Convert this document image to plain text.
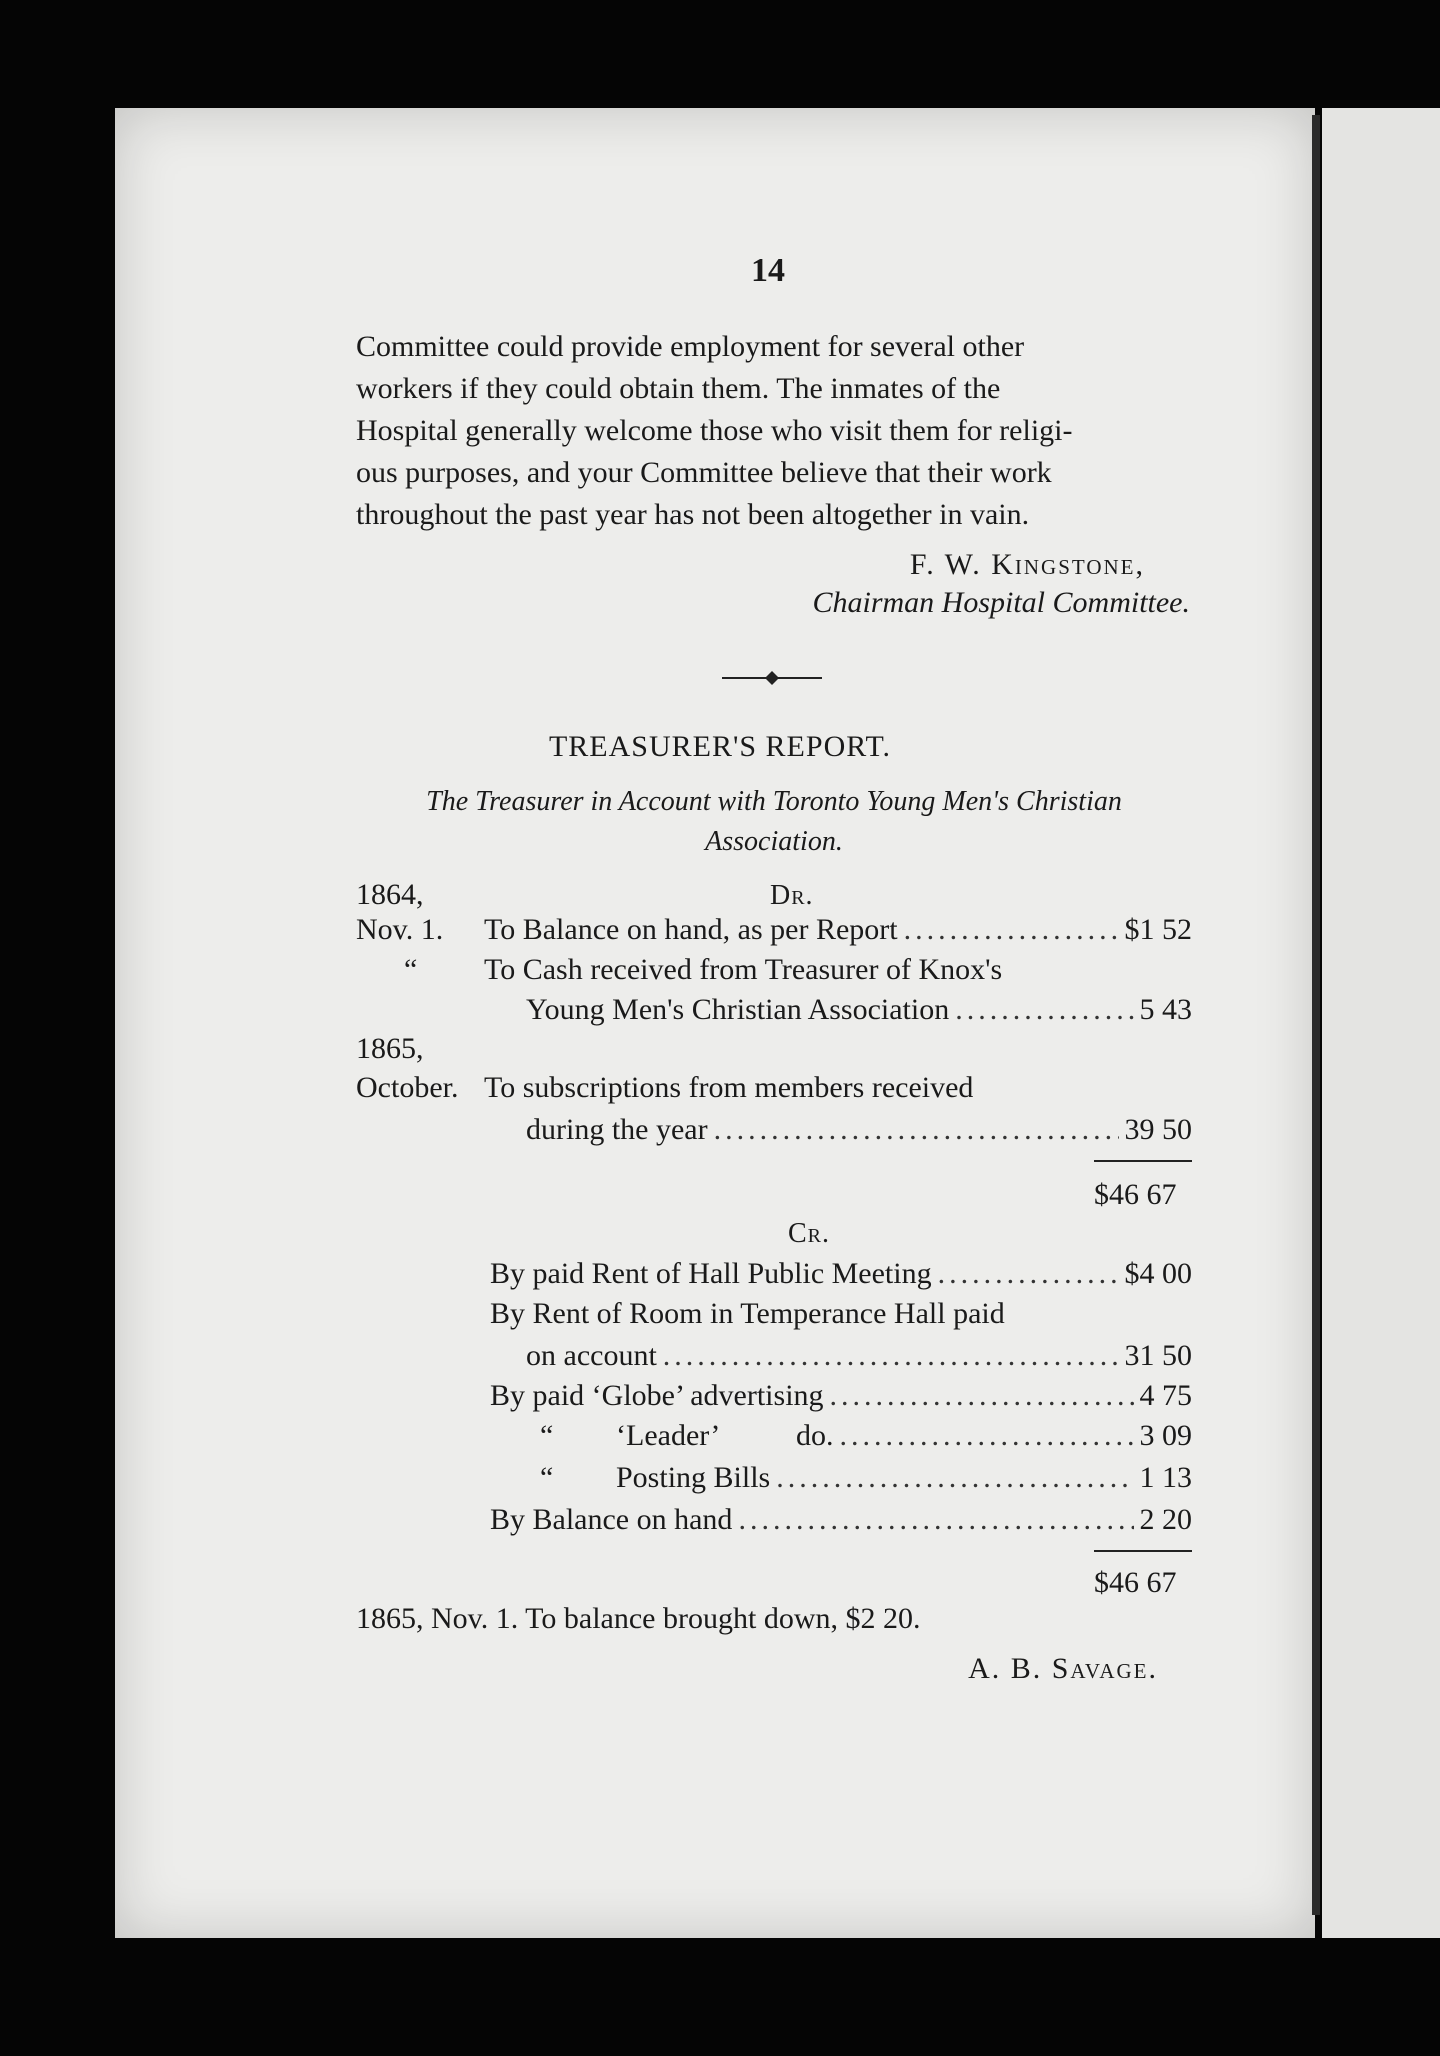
14
Committee could provide employment for several other
workers if they could obtain them. The inmates of the
Hospital generally welcome those who visit them for religi-
ous purposes, and your Committee believe that their work
throughout the past year has not been altogether in vain.
F. W. Kingstone,
Chairman Hospital Committee.
TREASURER'S REPORT.
The Treasurer in Account with Toronto Young Men's Christian
Association.
1864,	Dr.
Nov. 1.	To Balance on hand, as per Report .....	$1 52
“ To Cash received from Treasurer of Knox's
Young Men's Christian Association .....	5 43
1865,
October. To subscriptions from members received
during the year .....	39 50
$46 67
Cr.
By paid Rent of Hall Public Meeting .....	$4 00
By Rent of Room in Temperance Hall paid
on account .....	31 50
By paid ‘Globe’ advertising .....	4 75
“	‘Leader’	do. .....	3 09
“	Posting Bills .....	1 13
By Balance on hand .....	2 20
$46 67
1865, Nov. 1. To balance brought down, $2 20.
A. B. Savage.
